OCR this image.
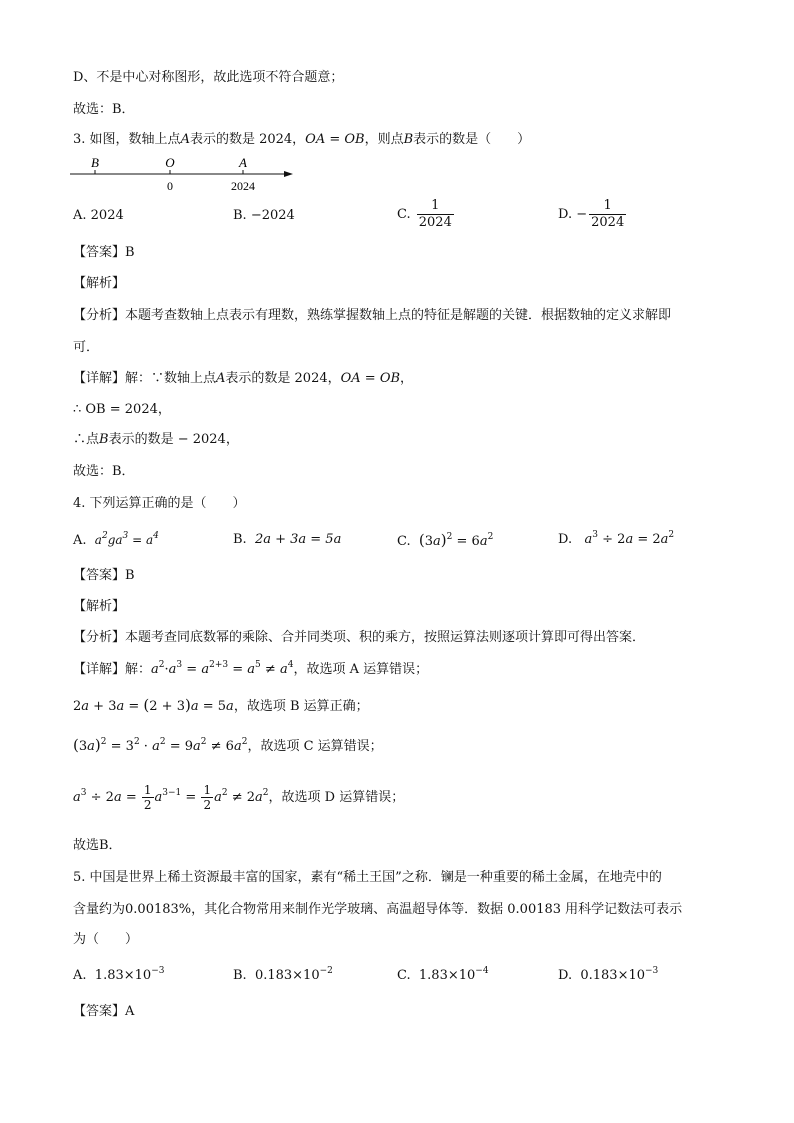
D、不是中心对称图形，故此选项不符合题意；
故选：B．
3. 如图，数轴上点A表示的数是 2024，OA = OB，则点B表示的数是（　　）
B	O	A
0	2024
A. 2024	B. −2024	C. $\frac{1}{2024}$	D. − $\frac{1}{2024}$
【答案】B
【解析】
【分析】本题考查数轴上点表示有理数，熟练掌握数轴上点的特征是解题的关键．根据数轴的定义求解即
可．
【详解】解：∵数轴上点A表示的数是 2024，OA = OB，
∴ OB = 2024，
∴点B表示的数是 − 2024，
故选：B．
4. 下列运算正确的是（　　）
A. $a^2ga^3 = a^4$	B. 2a + 3a = 5a	C. $(3a)^2 = 6a^2$	D. $a^3 \div 2a = 2a^2$
【答案】B
【解析】
【分析】本题考查同底数幂的乘除、合并同类项、积的乘方，按照运算法则逐项计算即可得出答案．
【详解】解：$a^2\cdot a^3 = a^{2+3} = a^5 \ne a^4$，故选项 A 运算错误；
2a + 3a = (2 + 3)a = 5a，故选项 B 运算正确；
$(3a)^2 = 3^2 \cdot a^2 = 9a^2 \ne 6a^2$，故选项 C 运算错误；
$a^3 \div 2a = \frac{1}{2} a^{3-1} = \frac{1}{2} a^2 \ne 2a^2$，故选项 D 运算错误；
故选B．
5. 中国是世界上稀土资源最丰富的国家，素有“稀土王国”之称．镧是一种重要的稀土金属，在地壳中的
含量约为0.00183%，其化合物常用来制作光学玻璃、高温超导体等．数据 0.00183 用科学记数法可表示
为（　　）
A. $1.83\times 10^{-3}$	B. $0.183\times 10^{-2}$	C. $1.83\times 10^{-4}$	D. $0.183\times 10^{-3}$
【答案】A
